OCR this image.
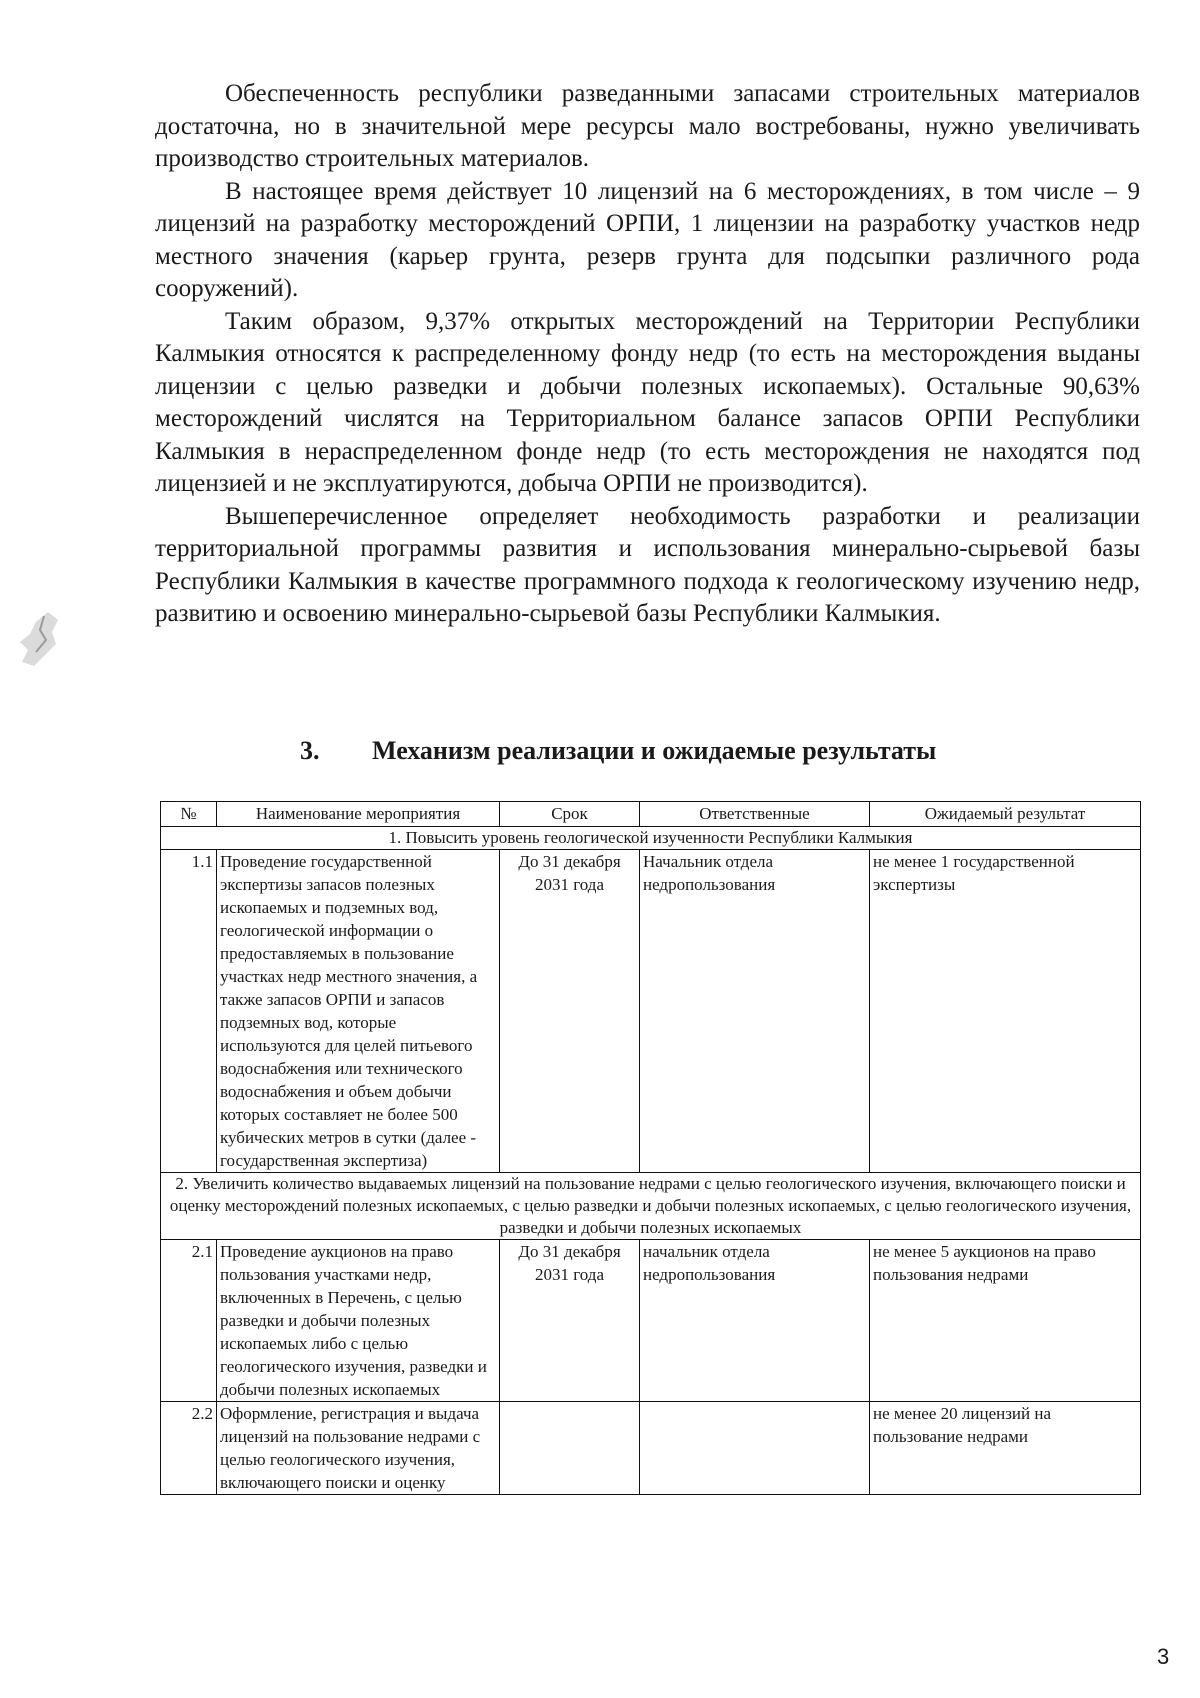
Обеспеченность республики разведанными запасами строительных материалов достаточна, но в значительной мере ресурсы мало востребованы, нужно увеличивать производство строительных материалов.

В настоящее время действует 10 лицензий на 6 месторождениях, в том числе – 9 лицензий на разработку месторождений ОРПИ, 1 лицензии на разработку участков недр местного значения (карьер грунта, резерв грунта для подсыпки различного рода сооружений).

Таким образом, 9,37% открытых месторождений на Территории Республики Калмыкия относятся к распределенному фонду недр (то есть на месторождения выданы лицензии с целью разведки и добычи полезных ископаемых). Остальные 90,63% месторождений числятся на Территориальном балансе запасов ОРПИ Республики Калмыкия в нераспределенном фонде недр (то есть месторождения не находятся под лицензией и не эксплуатируются, добыча ОРПИ не производится).

Вышеперечисленное определяет необходимость разработки и реализации территориальной программы развития и использования минерально-сырьевой базы Республики Калмыкия в качестве программного подхода к геологическому изучению недр, развитию и освоению минерально-сырьевой базы Республики Калмыкия.

3. Механизм реализации и ожидаемые результаты
№	Наименование мероприятия	Срок	Ответственные	Ожидаемый результат
1. Повысить уровень геологической изученности Республики Калмыкия				
1.1	Проведение государственной экспертизы запасов полезных ископаемых и подземных вод, геологической информации о предоставляемых в пользование участках недр местного значения, а также запасов ОРПИ и запасов подземных вод, которые используются для целей питьевого водоснабжения или технического водоснабжения и объем добычи которых составляет не более 500 кубических метров в сутки (далее - государственная экспертиза)	До 31 декабря 2031 года	Начальник отдела недропользования	не менее 1 государственной экспертизы
2. Увеличить количество выдаваемых лицензий на пользование недрами с целью геологического изучения, включающего поиски и оценку месторождений полезных ископаемых, с целью разведки и добычи полезных ископаемых, с целью геологического изучения, разведки и добычи полезных ископаемых				
2.1	Проведение аукционов на право пользования участками недр, включенных в Перечень, с целью разведки и добычи полезных ископаемых либо с целью геологического изучения, разведки и добычи полезных ископаемых	До 31 декабря 2031 года	начальник отдела недропользования	не менее 5 аукционов на право пользования недрами
2.2	Оформление, регистрация и выдача лицензий на пользование недрами с целью геологического изучения, включающего поиски и оценку			не менее 20 лицензий на пользование недрами
3
